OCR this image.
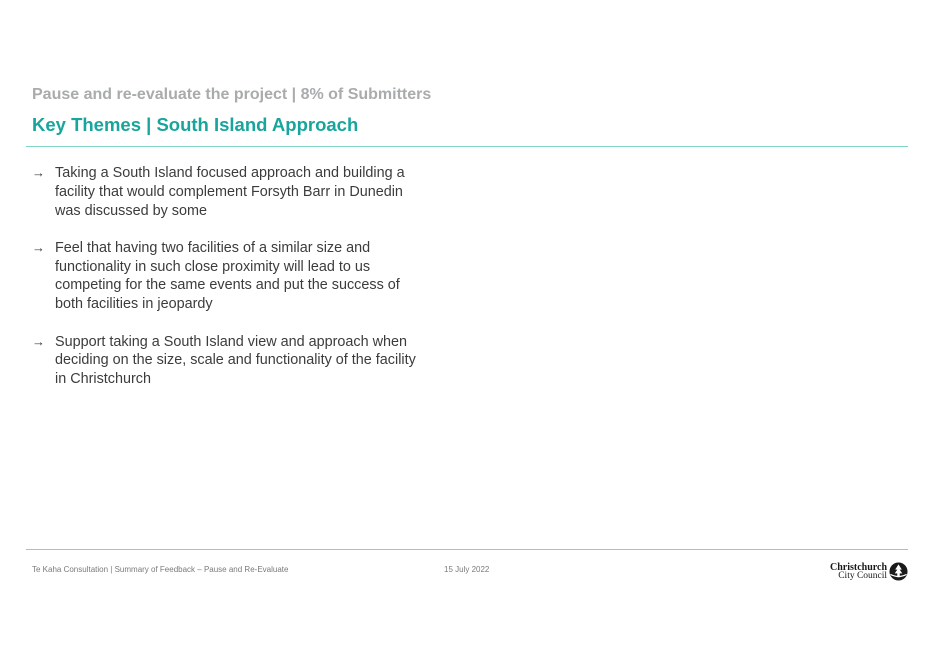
Pause and re-evaluate the project | 8% of Submitters
Key Themes | South Island Approach
→ Taking a South Island focused approach and building a facility that would complement Forsyth Barr in Dunedin was discussed by some
→ Feel that having two facilities of a similar size and functionality in such close proximity will lead to us competing for the same events and put the success of both facilities in jeopardy
→ Support taking a South Island view and approach when deciding on the size, scale and functionality of the facility in Christchurch
Te Kaha Consultation | Summary of Feedback – Pause and Re-Evaluate	15 July 2022	Christchurch
City Council
